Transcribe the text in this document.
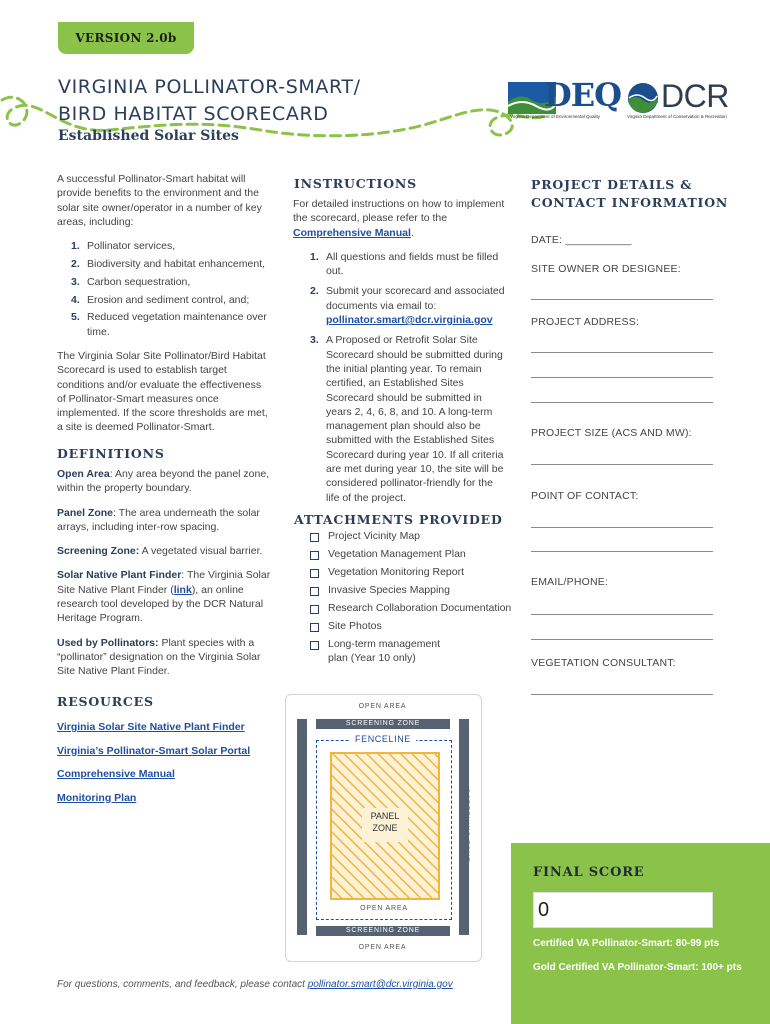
VERSION 2.0b
VIRGINIA POLLINATOR-SMART/
BIRD HABITAT SCORECARD
Established Solar Sites
DEQ
Virginia Department of Environmental Quality
DCR
Virginia Department of Conservation & Recreation
A successful Pollinator-Smart habitat will provide benefits to the environment and the solar site owner/operator in a number of key areas, including:
1. Pollinator services,
2. Biodiversity and habitat enhancement,
3. Carbon sequestration,
4. Erosion and sediment control, and;
5. Reduced vegetation maintenance over time.
The Virginia Solar Site Pollinator/Bird Habitat Scorecard is used to establish target conditions and/or evaluate the effectiveness of Pollinator-Smart measures once implemented. If the score thresholds are met, a site is deemed Pollinator-Smart.
DEFINITIONS
Open Area: Any area beyond the panel zone, within the property boundary.
Panel Zone: The area underneath the solar arrays, including inter-row spacing.
Screening Zone: A vegetated visual barrier.
Solar Native Plant Finder: The Virginia Solar Site Native Plant Finder (link), an online research tool developed by the DCR Natural Heritage Program.
Used by Pollinators: Plant species with a “pollinator” designation on the Virginia Solar Site Native Plant Finder.
RESOURCES
Virginia Solar Site Native Plant Finder
Virginia’s Pollinator-Smart Solar Portal
Comprehensive Manual
Monitoring Plan
INSTRUCTIONS
For detailed instructions on how to implement the scorecard, please refer to the Comprehensive Manual.
1. All questions and fields must be filled out.
2. Submit your scorecard and associated documents via email to: pollinator.smart@dcr.virginia.gov
3. A Proposed or Retrofit Solar Site Scorecard should be submitted during the initial planting year. To remain certified, an Established Sites Scorecard should be submitted in years 2, 4, 6, 8, and 10. A long-term management plan should also be submitted with the Established Sites Scorecard during year 10. If all criteria are met during year 10, the site will be considered pollinator-friendly for the life of the project.
ATTACHMENTS PROVIDED
Project Vicinity Map
Vegetation Management Plan
Vegetation Monitoring Report
Invasive Species Mapping
Research Collaboration Documentation
Site Photos
Long-term management plan (Year 10 only)
OPEN AREA
SCREENING ZONE
SCREENING ZONE	SCREENING ZONE
FENCELINE
PANEL
ZONE
OPEN AREA
SCREENING ZONE
OPEN AREA
PROJECT DETAILS &
CONTACT INFORMATION
DATE: ___________
SITE OWNER OR DESIGNEE:
PROJECT ADDRESS:
PROJECT SIZE (ACS AND MW):
POINT OF CONTACT:
EMAIL/PHONE:
VEGETATION CONSULTANT:
FINAL SCORE
0
Certified VA Pollinator-Smart: 80-99 pts
Gold Certified VA Pollinator-Smart: 100+ pts
For questions, comments, and feedback, please contact pollinator.smart@dcr.virginia.gov
